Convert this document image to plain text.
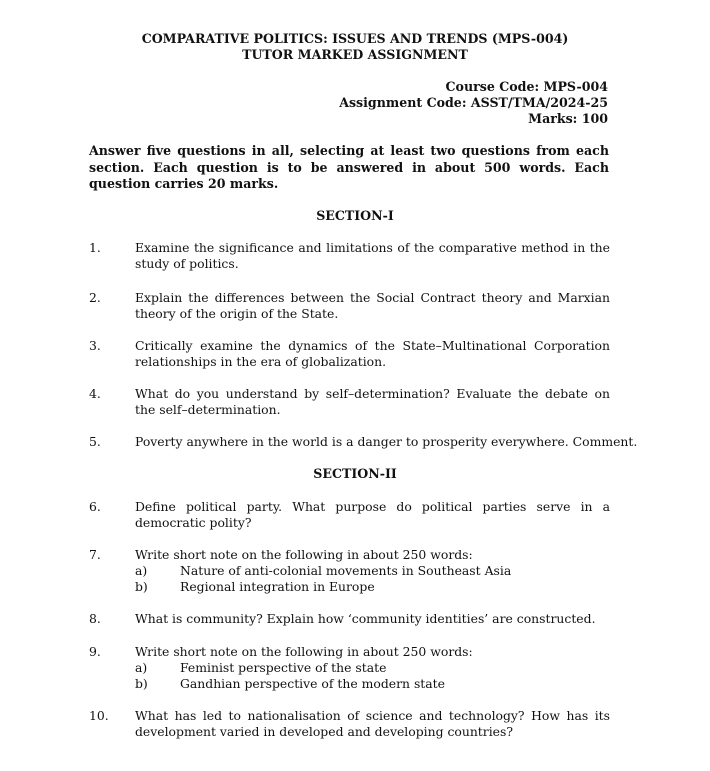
COMPARATIVE POLITICS: ISSUES AND TRENDS (MPS-004)
TUTOR MARKED ASSIGNMENT
Course Code: MPS-004
Assignment Code: ASST/TMA/2024-25
Marks: 100
Answer five questions in all, selecting at least two questions from each section. Each question is to be answered in about 500 words. Each question carries 20 marks.
SECTION-I
1.	Examine the significance and limitations of the comparative method in the study of politics.
2.	Explain the differences between the Social Contract theory and Marxian theory of the origin of the State.
3.	Critically examine the dynamics of the State–Multinational Corporation relationships in the era of globalization.
4.	What do you understand by self–determination? Evaluate the debate on the self–determination.
5.	Poverty anywhere in the world is a danger to prosperity everywhere. Comment.
SECTION-II
6.	Define political party. What purpose do political parties serve in a democratic polity?
7.	Write short note on the following in about 250 words:
a)	Nature of anti-colonial movements in Southeast Asia
b)	Regional integration in Europe
8.	What is community? Explain how ‘community identities’ are constructed.
9.	Write short note on the following in about 250 words:
a)	Feminist perspective of the state
b)	Gandhian perspective of the modern state
10. What has led to nationalisation of science and technology? How has its development varied in developed and developing countries?
